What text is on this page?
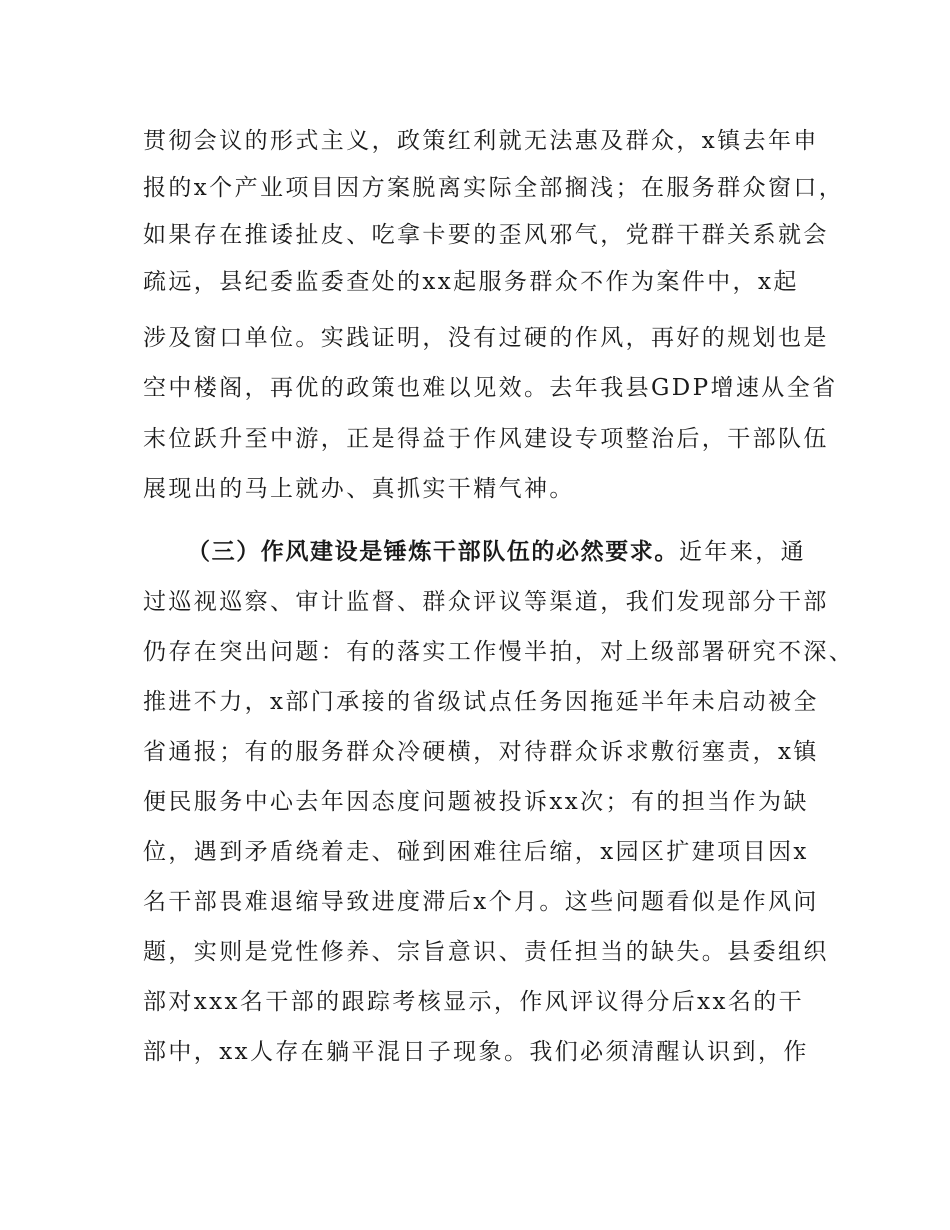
贯彻会议的形式主义，政策红利就无法惠及群众，x镇去年申
报的x个产业项目因方案脱离实际全部搁浅；在服务群众窗口，
如果存在推诿扯皮、吃拿卡要的歪风邪气，党群干群关系就会
疏远，县纪委监委查处的xx起服务群众不作为案件中，x起
涉及窗口单位。实践证明，没有过硬的作风，再好的规划也是
空中楼阁，再优的政策也难以见效。去年我县GDP增速从全省
末位跃升至中游，正是得益于作风建设专项整治后，干部队伍
展现出的马上就办、真抓实干精气神。
（三）作风建设是锤炼干部队伍的必然要求。近年来，通
过巡视巡察、审计监督、群众评议等渠道，我们发现部分干部
仍存在突出问题：有的落实工作慢半拍，对上级部署研究不深、
推进不力，x部门承接的省级试点任务因拖延半年未启动被全
省通报；有的服务群众冷硬横，对待群众诉求敷衍塞责，x镇
便民服务中心去年因态度问题被投诉xx次；有的担当作为缺
位，遇到矛盾绕着走、碰到困难往后缩，x园区扩建项目因x
名干部畏难退缩导致进度滞后x个月。这些问题看似是作风问
题，实则是党性修养、宗旨意识、责任担当的缺失。县委组织
部对xxx名干部的跟踪考核显示，作风评议得分后xx名的干
部中，xx人存在躺平混日子现象。我们必须清醒认识到，作
